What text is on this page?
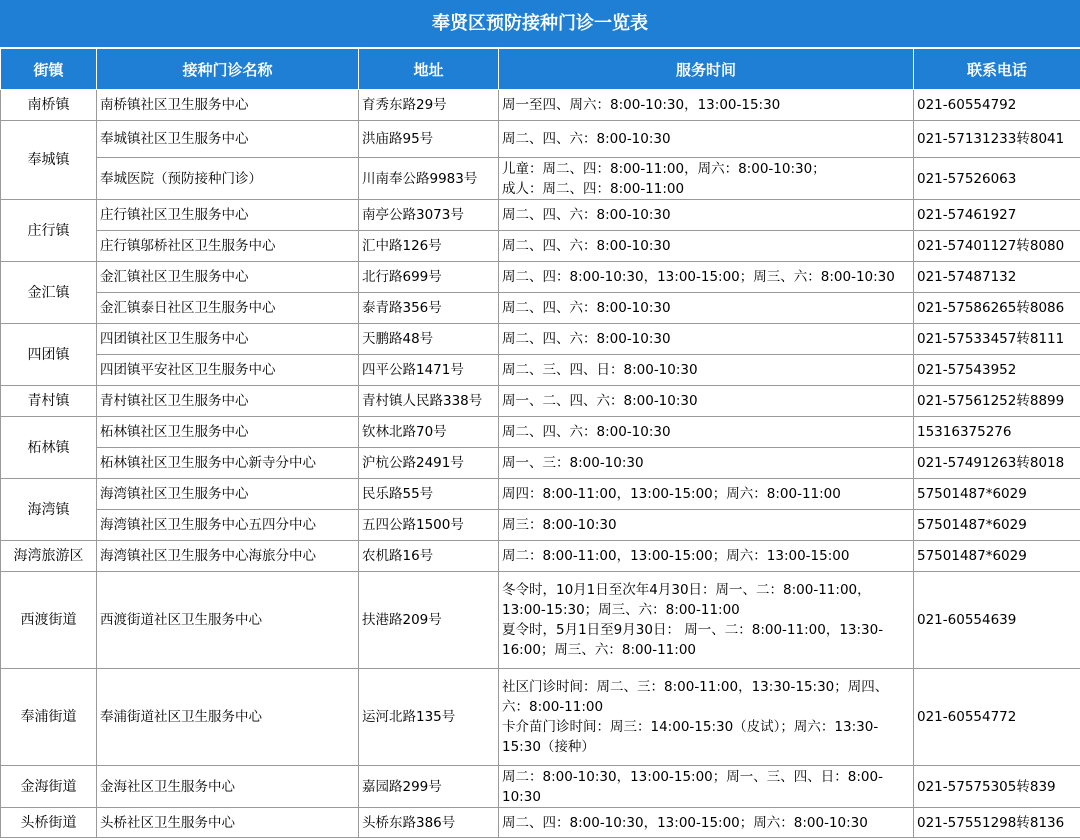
奉贤区预防接种门诊一览表
街镇	接种门诊名称	地址	服务时间	联系电话
南桥镇	南桥镇社区卫生服务中心	育秀东路29号	周一至四、周六：8:00-10:30，13:00-15:30	021-60554792
奉城镇	奉城镇社区卫生服务中心	洪庙路95号	周二、四、六：8:00-10:30	021-57131233转8041
	奉城医院（预防接种门诊）	川南奉公路9983号	儿童：周二、四：8:00-11:00，周六：8:00-10:30；
成人：周二、四：8:00-11:00	021-57526063
庄行镇	庄行镇社区卫生服务中心	南亭公路3073号	周二、四、六：8:00-10:30	021-57461927
	庄行镇邬桥社区卫生服务中心	汇中路126号	周二、四、六：8:00-10:30	021-57401127转8080
金汇镇	金汇镇社区卫生服务中心	北行路699号	周二、四：8:00-10:30，13:00-15:00；周三、六：8:00-10:30	021-57487132
	金汇镇泰日社区卫生服务中心	泰青路356号	周二、四、六：8:00-10:30	021-57586265转8086
四团镇	四团镇社区卫生服务中心	天鹏路48号	周二、四、六：8:00-10:30	021-57533457转8111
	四团镇平安社区卫生服务中心	四平公路1471号	周二、三、四、日：8:00-10:30	021-57543952
青村镇	青村镇社区卫生服务中心	青村镇人民路338号	周一、二、四、六：8:00-10:30	021-57561252转8899
柘林镇	柘林镇社区卫生服务中心	钦林北路70号	周二、四、六：8:00-10:30	15316375276
	柘林镇社区卫生服务中心新寺分中心	沪杭公路2491号	周一、三：8:00-10:30	021-57491263转8018
海湾镇	海湾镇社区卫生服务中心	民乐路55号	周四：8:00-11:00，13:00-15:00；周六：8:00-11:00	57501487*6029
	海湾镇社区卫生服务中心五四分中心	五四公路1500号	周三：8:00-10:30	57501487*6029
海湾旅游区	海湾镇社区卫生服务中心海旅分中心	农机路16号	周二：8:00-11:00，13:00-15:00；周六：13:00-15:00	57501487*6029
西渡街道	西渡街道社区卫生服务中心	扶港路209号	冬令时，10月1日至次年4月30日：周一、二：8:00-11:00，
13:00-15:30；周三、六：8:00-11:00
夏令时，5月1日至9月30日： 周一、二：8:00-11:00，13:30-
16:00；周三、六：8:00-11:00	021-60554639
奉浦街道	奉浦街道社区卫生服务中心	运河北路135号	社区门诊时间：周二、三：8:00-11:00，13:30-15:30；周四、
六：8:00-11:00
卡介苗门诊时间：周三：14:00-15:30（皮试）；周六：13:30-
15:30（接种）	021-60554772
金海街道	金海社区卫生服务中心	嘉园路299号	周二：8:00-10:30，13:00-15:00；周一、三、四、日：8:00-
10:30	021-57575305转839
头桥街道	头桥社区卫生服务中心	头桥东路386号	周二、四：8:00-10:30，13:00-15:00；周六：8:00-10:30	021-57551298转8136
